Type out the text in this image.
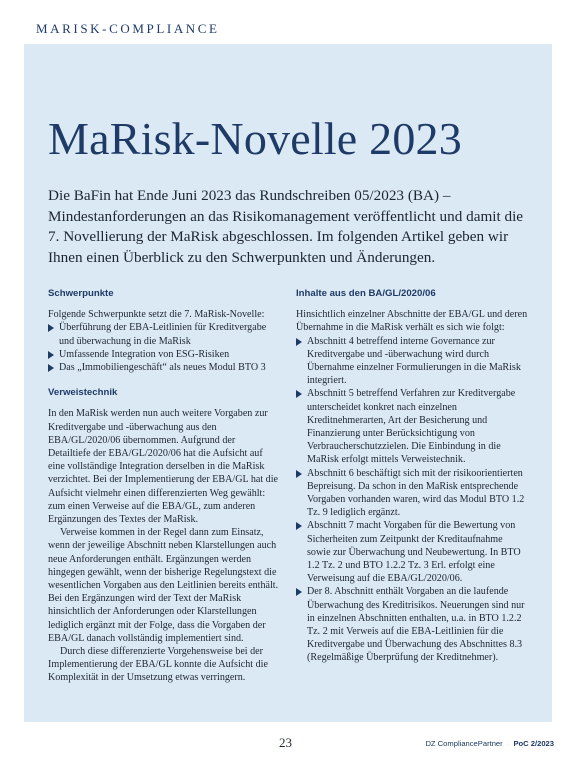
MARISK-COMPLIANCE
MaRisk-Novelle 2023
Die BaFin hat Ende Juni 2023 das Rundschreiben 05/2023 (BA) – Mindestanforderungen an das Risikomanagement veröffentlicht und damit die 7. Novellierung der MaRisk abgeschlossen. Im folgenden Artikel geben wir Ihnen einen Überblick zu den Schwerpunkten und Änderungen.
Schwerpunkte

Folgende Schwerpunkte setzt die 7. MaRisk-Novelle:

Überführung der EBA-Leitlinien für Kreditvergabe und überwachung in die MaRisk
Umfassende Integration von ESG-Risiken
Das „Immobiliengeschäft“ als neues Modul BTO 3
Verweistechnik

In den MaRisk werden nun auch weitere Vorgaben zur Kreditvergabe und -überwachung aus den EBA/GL/2020/06 übernommen. Aufgrund der Detailtiefe der EBA/GL/2020/06 hat die Aufsicht auf eine vollständige Integration derselben in die MaRisk verzichtet. Bei der Implementierung der EBA/GL hat die Aufsicht vielmehr einen differenzierten Weg gewählt: zum einen Verweise auf die EBA/GL, zum anderen Ergänzungen des Textes der MaRisk.

Verweise kommen in der Regel dann zum Einsatz, wenn der jeweilige Abschnitt neben Klarstellungen auch neue Anforderungen enthält. Ergänzungen werden hingegen gewählt, wenn der bisherige Regelungstext die wesentlichen Vorgaben aus den Leitlinien bereits enthält. Bei den Ergänzungen wird der Text der MaRisk hinsichtlich der Anforderungen oder Klarstellungen lediglich ergänzt mit der Folge, dass die Vorgaben der EBA/GL danach vollständig implementiert sind.

Durch diese differenzierte Vorgehensweise bei der Implementierung der EBA/GL konnte die Aufsicht die Komplexität in der Umsetzung etwas verringern.

Inhalte aus den BA/GL/2020/06

Hinsichtlich einzelner Abschnitte der EBA/GL und deren Übernahme in die MaRisk verhält es sich wie folgt:

Abschnitt 4 betreffend interne Governance zur Kreditvergabe und -überwachung wird durch Übernahme einzelner Formulierungen in die MaRisk integriert.
Abschnitt 5 betreffend Verfahren zur Kreditvergabe unterscheidet konkret nach einzelnen Kreditnehmerarten, Art der Besicherung und Finanzierung unter Berücksichtigung von Verbraucherschutzzielen. Die Einbindung in die MaRisk erfolgt mittels Verweistechnik.
Abschnitt 6 beschäftigt sich mit der risikoorientierten Bepreisung. Da schon in den MaRisk entsprechende Vorgaben vorhanden waren, wird das Modul BTO 1.2 Tz. 9 lediglich ergänzt.
Abschnitt 7 macht Vorgaben für die Bewertung von Sicherheiten zum Zeitpunkt der Kreditaufnahme sowie zur Überwachung und Neubewertung. In BTO 1.2 Tz. 2 und BTO 1.2.2 Tz. 3 Erl. erfolgt eine Verweisung auf die EBA/GL/2020/06.
Der 8. Abschnitt enthält Vorgaben an die laufende Überwachung des Kreditrisikos. Neuerungen sind nur in einzelnen Abschnitten enthalten, u.a. in BTO 1.2.2 Tz. 2 mit Verweis auf die EBA-Leitlinien für die Kreditvergabe und Überwachung des Abschnittes 8.3 (Regelmäßige Überprüfung der Kreditnehmer).
23	DZ CompliancePartner · PoC 2/2023
